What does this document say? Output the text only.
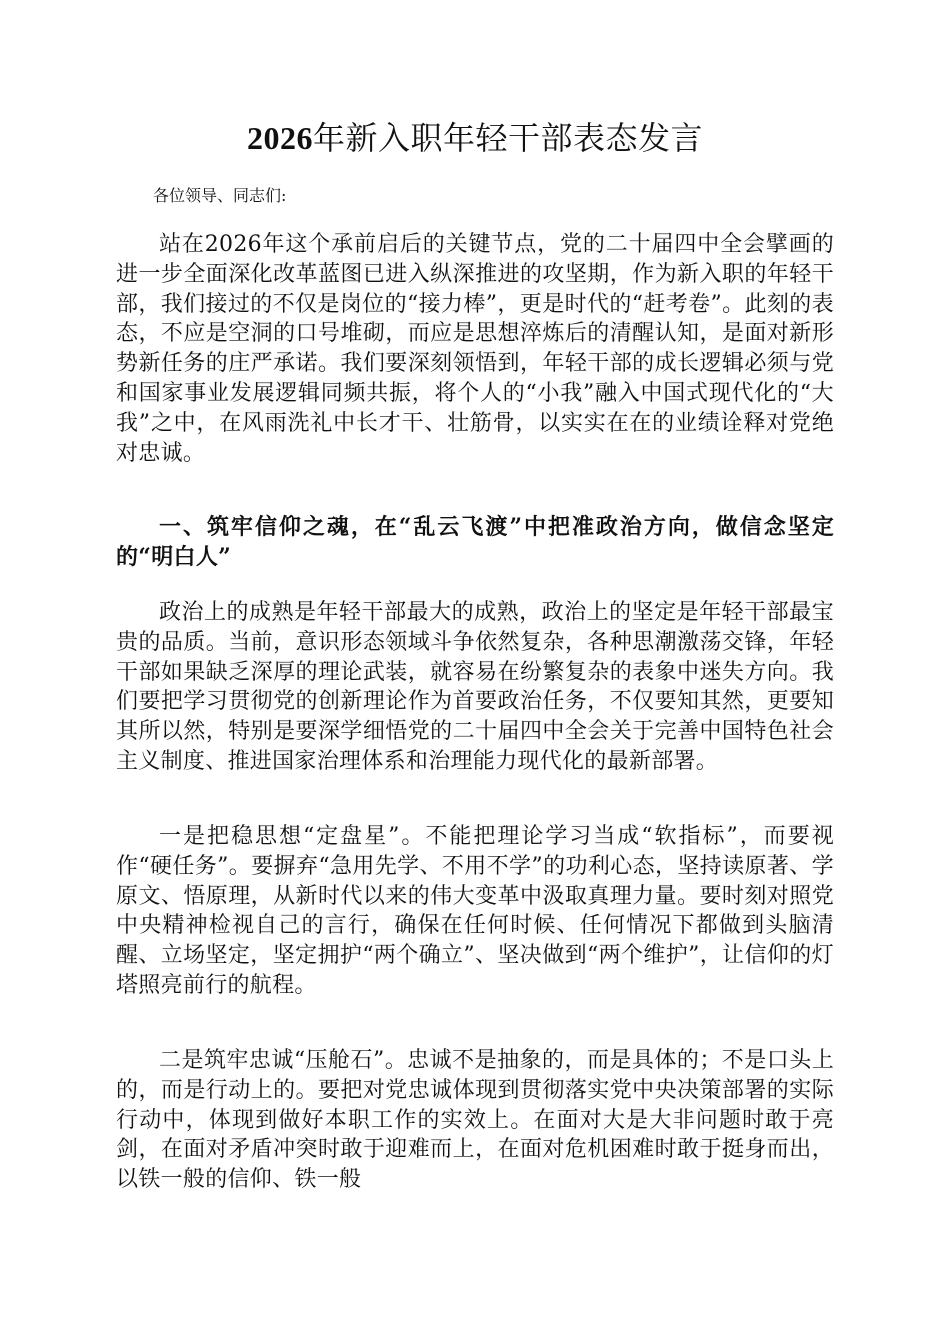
2026年新入职年轻干部表态发言

各位领导、同志们:

站在2026年这个承前启后的关键节点，党的二十届四中全会擘画的进一步全面深化改革蓝图已进入纵深推进的攻坚期，作为新入职的年轻干部，我们接过的不仅是岗位的“接力棒”，更是时代的“赶考卷”。此刻的表态，不应是空洞的口号堆砌，而应是思想淬炼后的清醒认知，是面对新形势新任务的庄严承诺。我们要深刻领悟到，年轻干部的成长逻辑必须与党和国家事业发展逻辑同频共振，将个人的“小我”融入中国式现代化的“大我”之中，在风雨洗礼中长才干、壮筋骨，以实实在在的业绩诠释对党绝对忠诚。

一、筑牢信仰之魂，在“乱云飞渡”中把准政治方向，做信念坚定的“明白人”

政治上的成熟是年轻干部最大的成熟，政治上的坚定是年轻干部最宝贵的品质。当前，意识形态领域斗争依然复杂，各种思潮激荡交锋，年轻干部如果缺乏深厚的理论武装，就容易在纷繁复杂的表象中迷失方向。我们要把学习贯彻党的创新理论作为首要政治任务，不仅要知其然，更要知其所以然，特别是要深学细悟党的二十届四中全会关于完善中国特色社会主义制度、推进国家治理体系和治理能力现代化的最新部署。

一是把稳思想“定盘星”。不能把理论学习当成“软指标”，而要视作“硬任务”。要摒弃“急用先学、不用不学”的功利心态，坚持读原著、学原文、悟原理，从新时代以来的伟大变革中汲取真理力量。要时刻对照党中央精神检视自己的言行，确保在任何时候、任何情况下都做到头脑清醒、立场坚定，坚定拥护“两个确立”、坚决做到“两个维护”，让信仰的灯塔照亮前行的航程。

二是筑牢忠诚“压舱石”。忠诚不是抽象的，而是具体的；不是口头上的，而是行动上的。要把对党忠诚体现到贯彻落实党中央决策部署的实际行动中，体现到做好本职工作的实效上。在面对大是大非问题时敢于亮剑，在面对矛盾冲突时敢于迎难而上，在面对危机困难时敢于挺身而出，以铁一般的信仰、铁一般
